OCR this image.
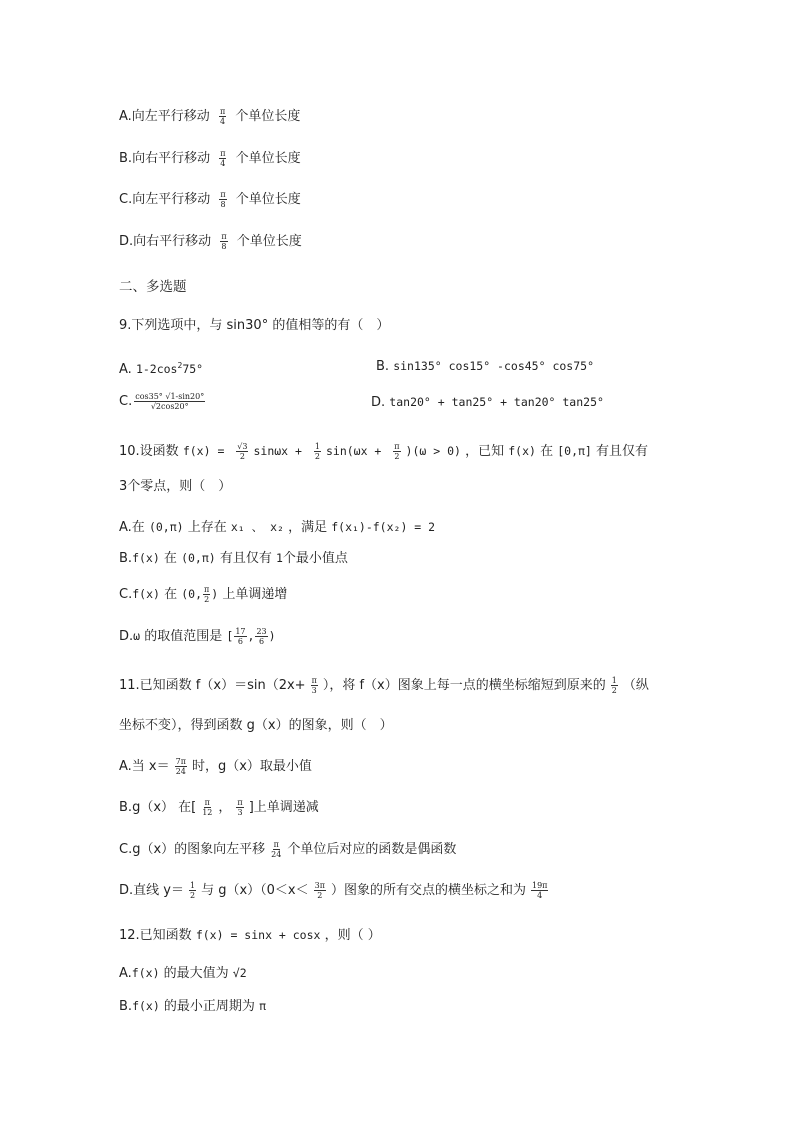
A.向左平行移动 $\frac{\pi}{4}$ 个单位长度
B.向右平行移动 $\frac{\pi}{4}$ 个单位长度
C.向左平行移动 $\frac{\pi}{8}$ 个单位长度
D.向右平行移动 $\frac{\pi}{8}$ 个单位长度
二、多选题
9.下列选项中，与 sin30° 的值相等的有（　）
A. $1-2\cos^275^\circ$	B. sin135° cos15° -cos45° cos75°
C. $\frac{\cos 35^\circ √1-\sin 20^\circ}{√2\cos 20^\circ}$	D. tan20° + tan25° + tan20° tan25°
10.设函数 $f(x) = \frac{√3}{2}$ $\sin\omega x + \frac{1}{2} \sin(\omega x + \frac{\pi}{2} )(\omega > 0)$ ，已知 f(x) 在 [0,π] 有且仅有
3个零点，则（　）
A.在 (0,π) 上存在 x₁ 、 x₂ ，满足 f(x₁)-f(x₂) = 2
B.f(x) 在 (0,π) 有且仅有 1个最小值点
C.f(x) 在 (0, $\frac{\pi}{2}$ ) 上单调递增
D.ω 的取值范围是 [ $\frac{17}{6}$ , $\frac{23}{6}$ )
11.已知函数 $f(x)=\sin(2x+ \frac{\pi}{3}$ ），将 f（x）图象上每一点的横坐标缩短到原来的 $\frac{1}{2}$ （纵
坐标不变），得到函数 g（x）的图象，则（　）
A.当 $x= \frac{7\pi}{24}$ 时，g（x）取最小值
B.g（x） 在[ $\frac{\pi}{12}$ ， $\frac{\pi}{3}$ ]上单调递减
C.g（x）的图象向左平移 $\frac{\pi}{24}$ 个单位后对应的函数是偶函数
D.直线 $y= \frac{1}{2}$ 与 $g(x)(0<x< \frac{3\pi}{2}$ ）图象的所有交点的横坐标之和为 $\frac{19\pi}{4}$
12.已知函数 f(x) = sinx + cosx ，则（ ）
A.f(x) 的最大值为 √2
B.f(x) 的最小正周期为 π
